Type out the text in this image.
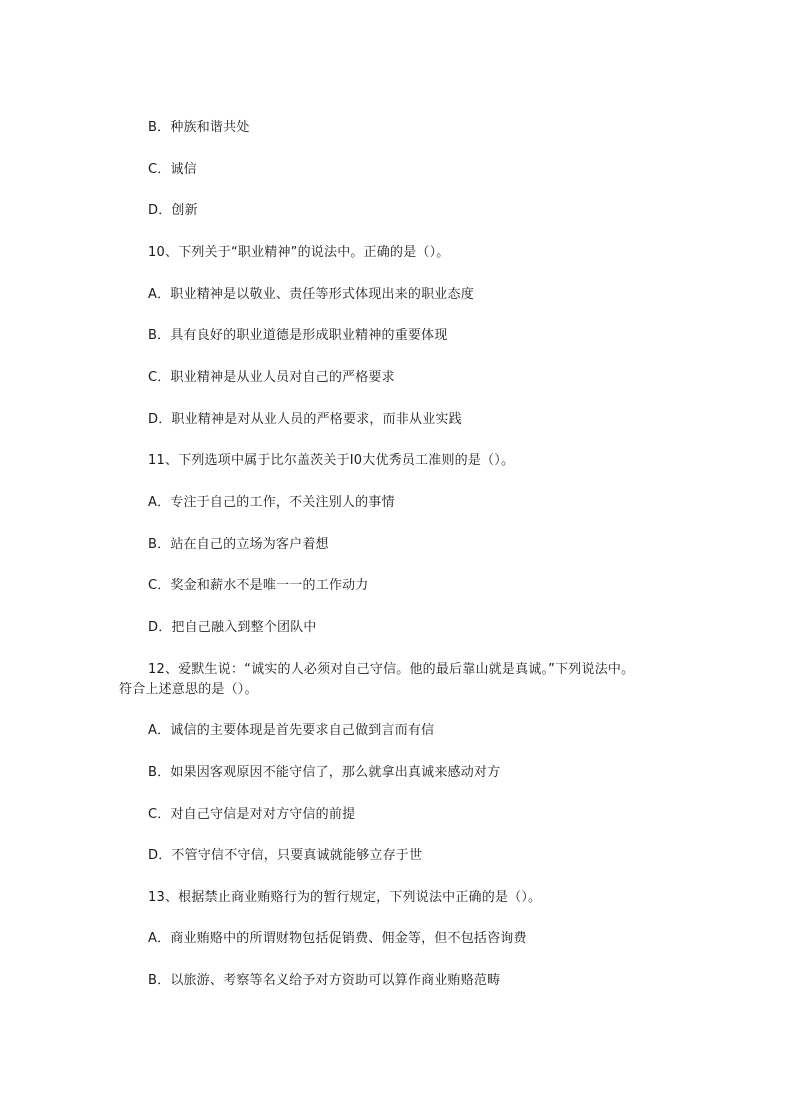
B．种族和谐共处
C．诚信
D．创新
10、下列关于“职业精神”的说法中。正确的是（）。
A．职业精神是以敬业、责任等形式体现出来的职业态度
B．具有良好的职业道德是形成职业精神的重要体现
C．职业精神是从业人员对自己的严格要求
D．职业精神是对从业人员的严格要求，而非从业实践
11、下列选项中属于比尔盖茨关于I0大优秀员工准则的是（）。
A．专注于自己的工作，不关注别人的事情
B．站在自己的立场为客户着想
C．奖金和薪水不是唯一一的工作动力
D．把自己融入到整个团队中
12、爱默生说：“诚实的人必须对自己守信。他的最后靠山就是真诚。”下列说法中。
符合上述意思的是（）。
A．诚信的主要体现是首先要求自己做到言而有信
B．如果因客观原因不能守信了，那么就拿出真诚来感动对方
C．对自己守信是对对方守信的前提
D．不管守信不守信，只要真诚就能够立存于世
13、根据禁止商业贿赂行为的暂行规定，下列说法中正确的是（）。
A．商业贿赂中的所谓财物包括促销费、佣金等，但不包括咨询费
B．以旅游、考察等名义给予对方资助可以算作商业贿赂范畴
